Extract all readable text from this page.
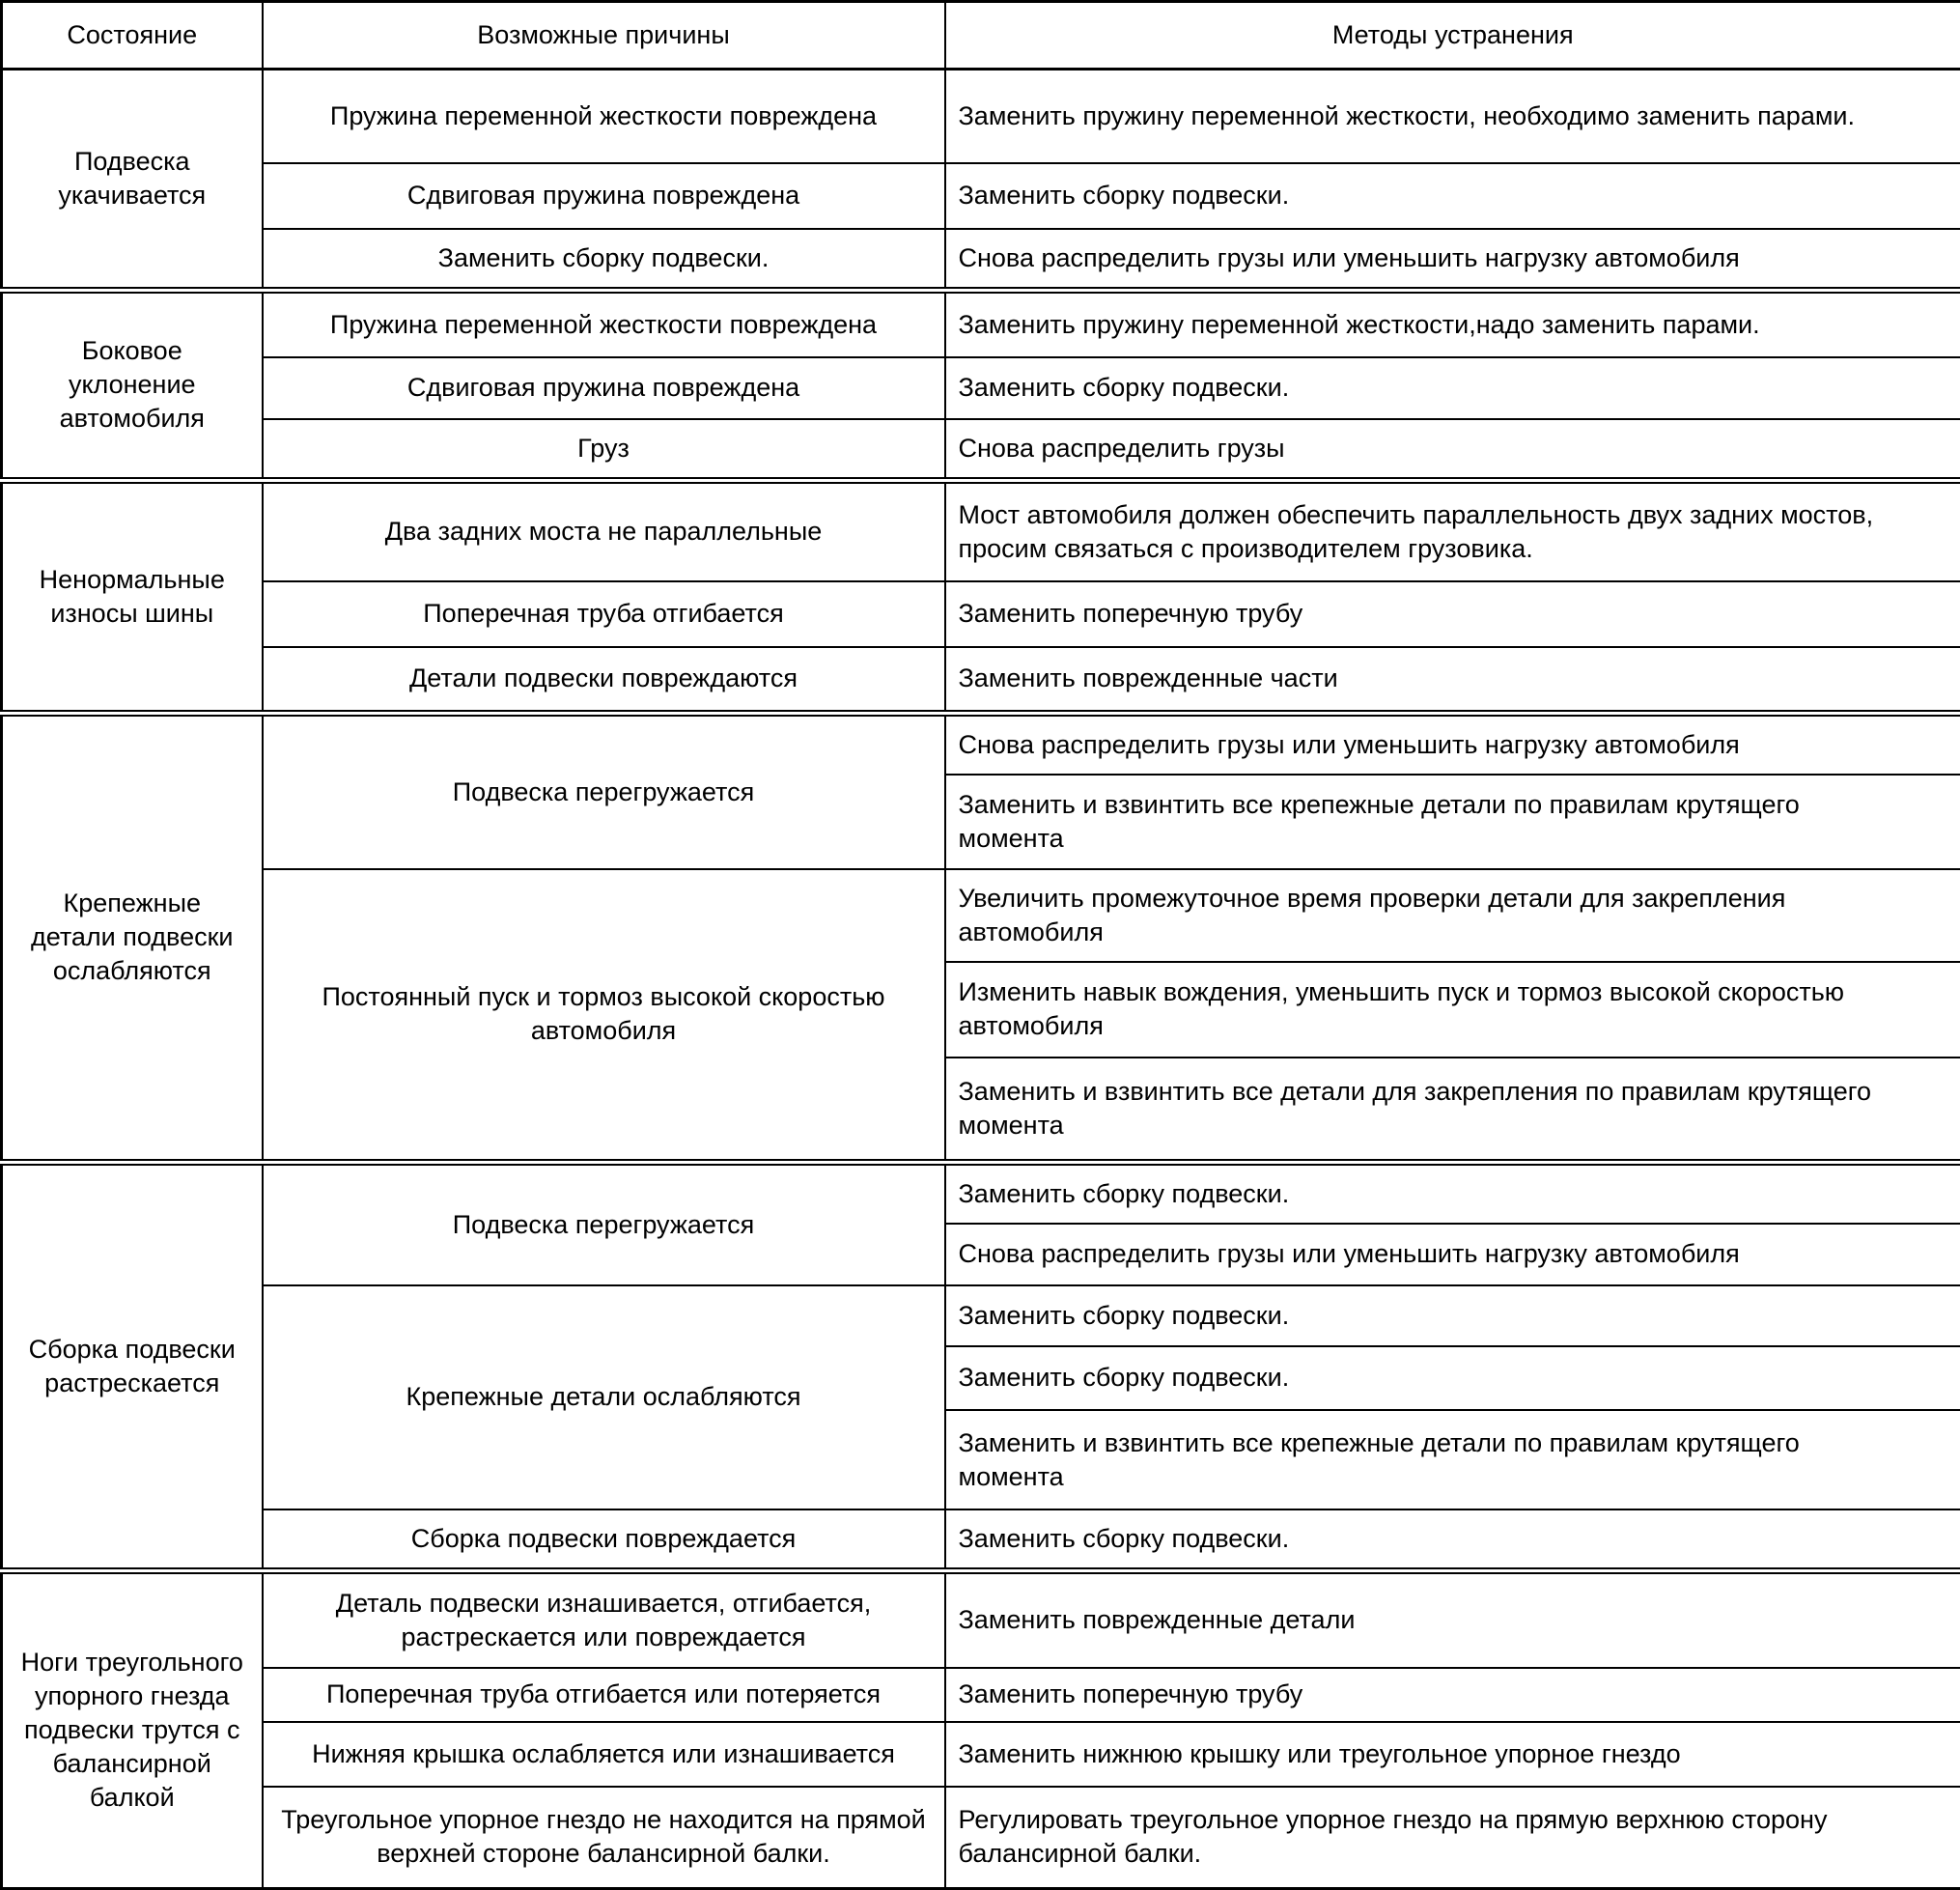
Состояние	Возможные причины	Методы устранения
Подвеска укачивается	Пружина переменной жесткости повреждена	Заменить пружину переменной жесткости, необходимо заменить парами.
	Сдвиговая пружина повреждена	Заменить сборку подвески.
	Заменить сборку подвески.	Снова распределить грузы или уменьшить нагрузку автомобиля
Боковое уклонение автомобиля	Пружина переменной жесткости повреждена	Заменить пружину переменной жесткости,надо заменить парами.
	Сдвиговая пружина повреждена	Заменить сборку подвески.
	Груз	Снова распределить грузы
Ненормальные износы шины	Два задних моста не параллельные	Мост автомобиля должен обеспечить параллельность двух задних мостов, просим связаться с производителем грузовика.
	Поперечная труба отгибается	Заменить поперечную трубу
	Детали подвески повреждаются	Заменить поврежденные части
Крепежные детали подвески ослабляются	Подвеска перегружается	Снова распределить грузы или уменьшить нагрузку автомобиля
		Заменить и взвинтить все крепежные детали по правилам крутящего момента
	Постоянный пуск и тормоз высокой скоростью автомобиля	Увеличить промежуточное время проверки детали для закрепления автомобиля
		Изменить навык вождения, уменьшить пуск и тормоз высокой скоростью автомобиля
		Заменить и взвинтить все детали для закрепления по правилам крутящего момента
Сборка подвески растрескается	Подвеска перегружается	Заменить сборку подвески.
		Снова распределить грузы или уменьшить нагрузку автомобиля
	Крепежные детали ослабляются	Заменить сборку подвески.
		Заменить сборку подвески.
		Заменить и взвинтить все крепежные детали по правилам крутящего момента
	Сборка подвески повреждается	Заменить сборку подвески.
Ноги треугольного упорного гнезда подвески трутся с балансирной балкой	Деталь подвески изнашивается, отгибается, растрескается или повреждается	Заменить поврежденные детали
	Поперечная труба отгибается или потеряется	Заменить поперечную трубу
	Нижняя крышка ослабляется или изнашивается	Заменить нижнюю крышку или треугольное упорное гнездо
	Треугольное упорное гнездо не находится на прямой верхней стороне балансирной балки.	Регулировать треугольное упорное гнездо на прямую верхнюю сторону балансирной балки.
